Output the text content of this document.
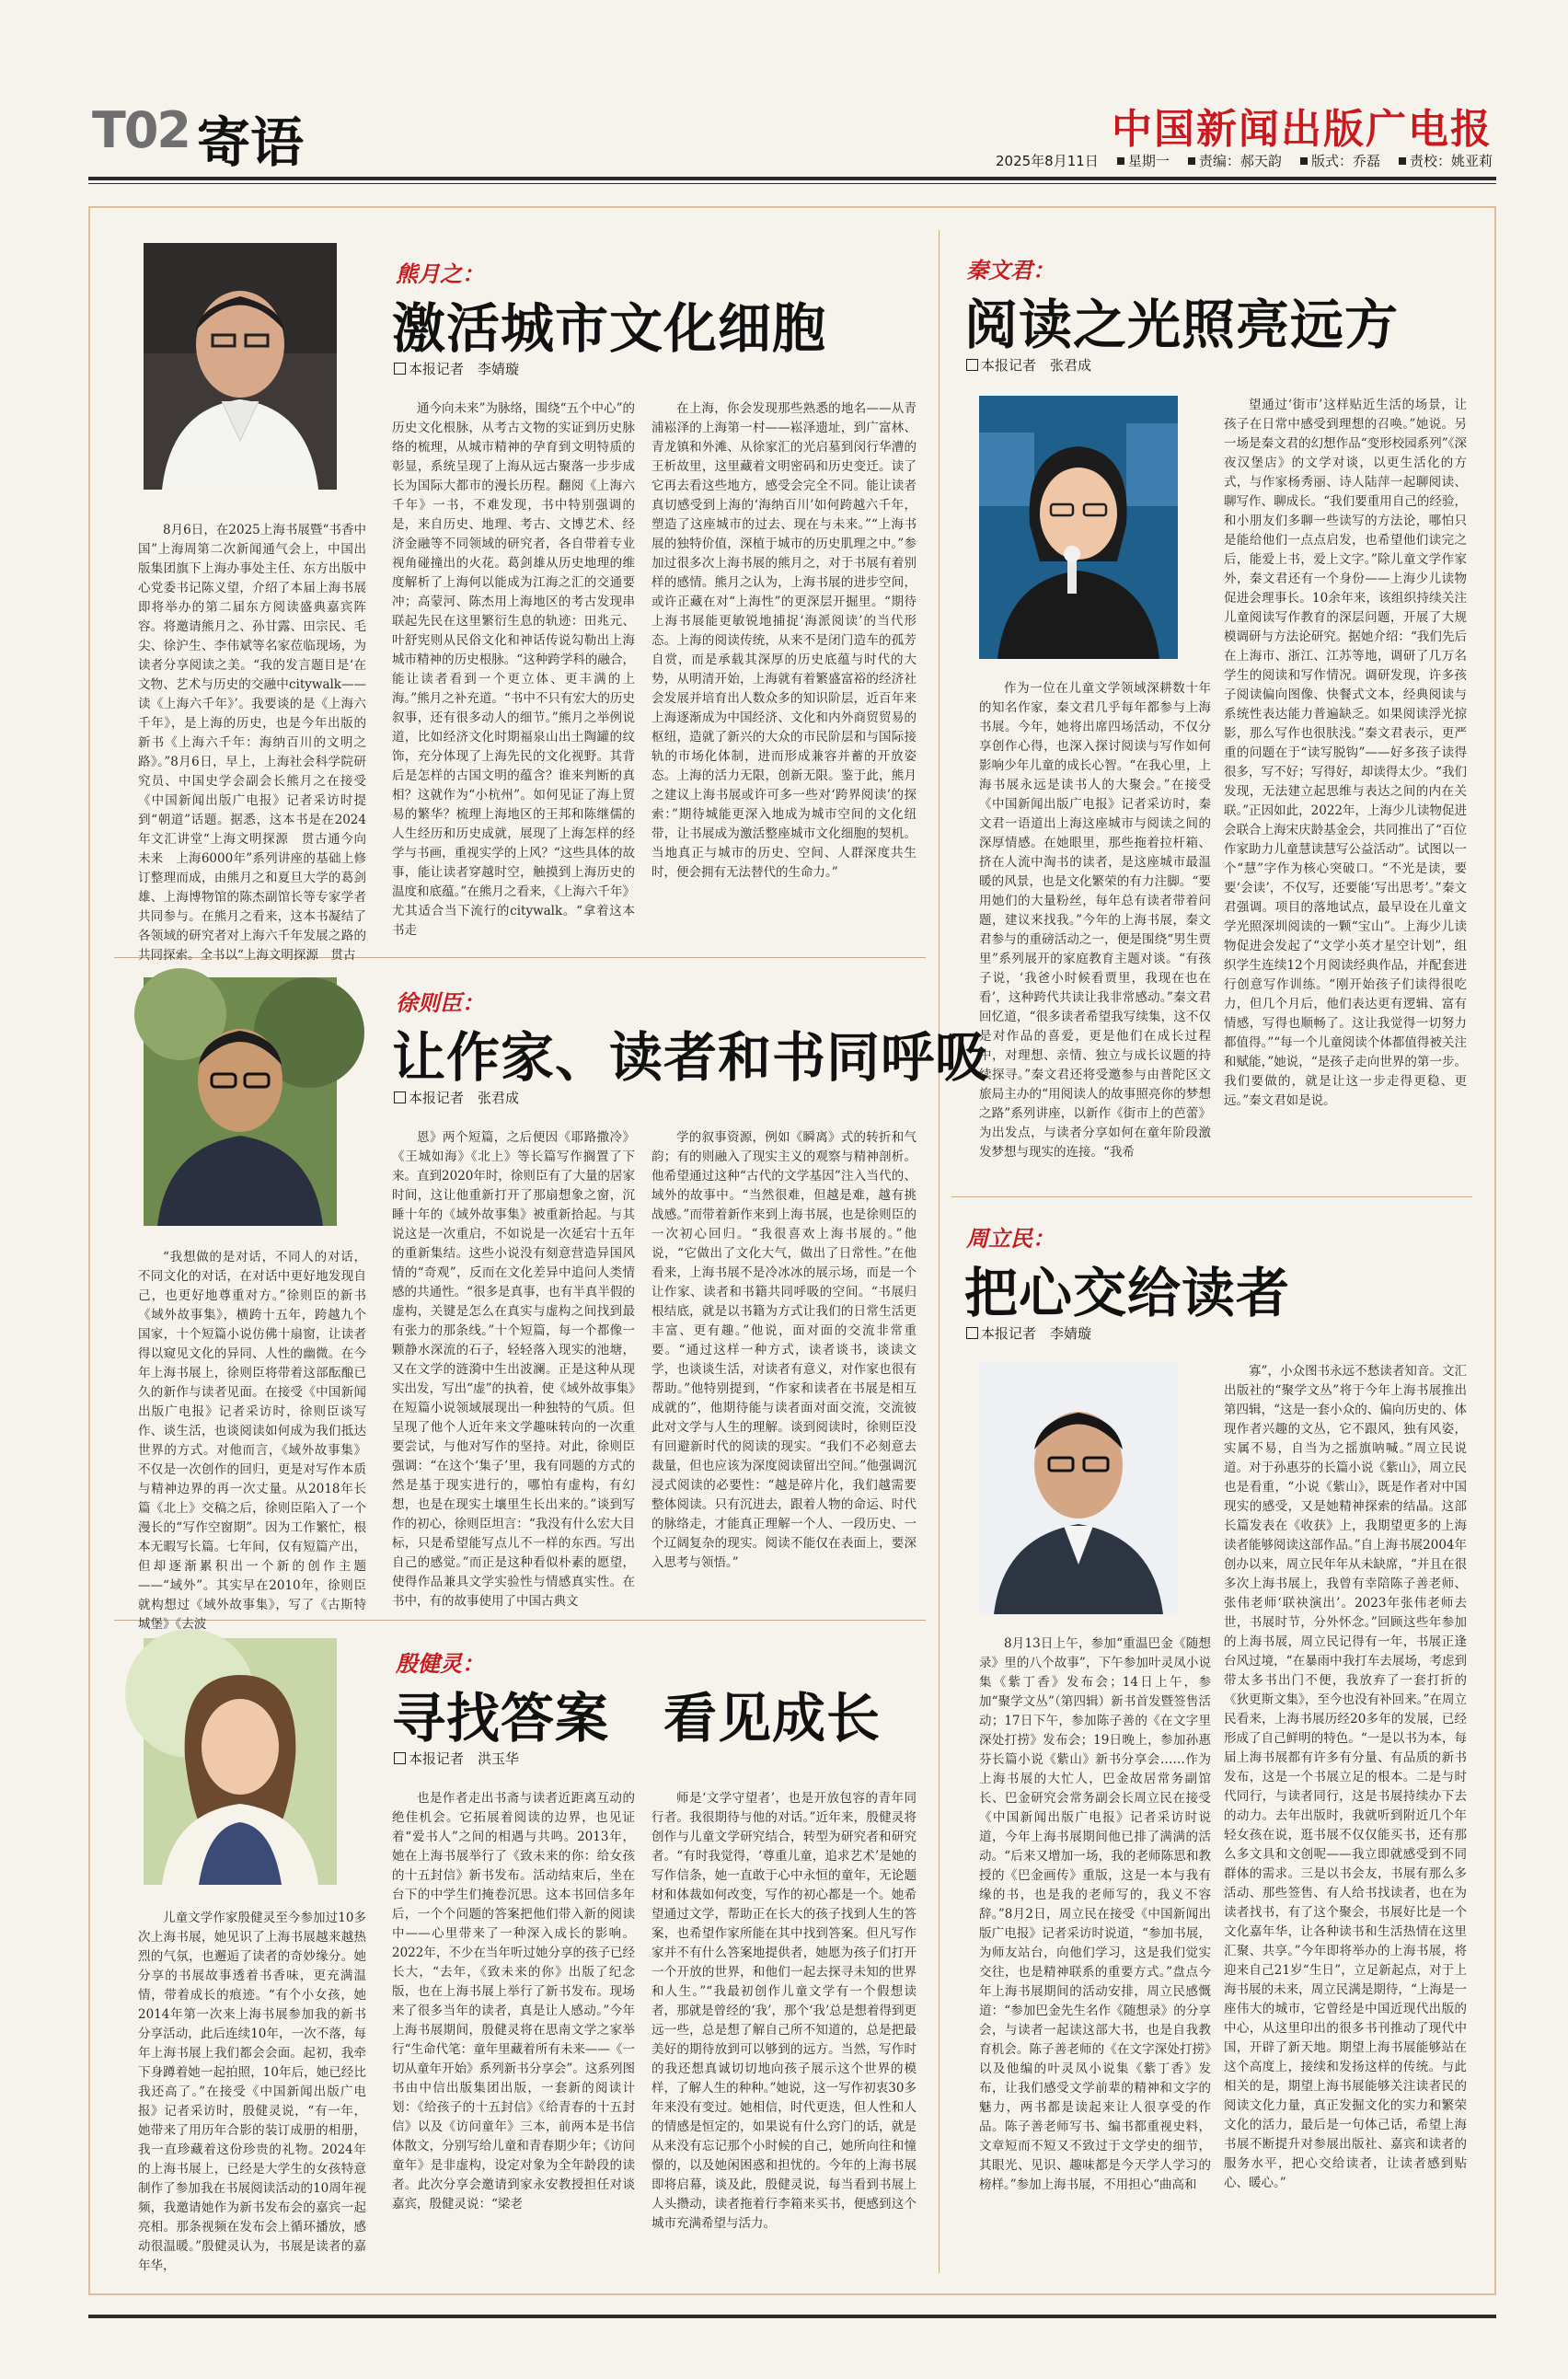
T02 寄语	中国新闻出版广电报
2025年8月11日	星期一	责编：郝天韵	版式：乔磊	责校：姚亚莉
熊月之：
激活城市文化细胞
本报记者　李婧璇

8月6日，在2025上海书展暨“书香中国”上海周第二次新闻通气会上，中国出版集团旗下上海办事处主任、东方出版中心党委书记陈义望，介绍了本届上海书展即将举办的第二届东方阅读盛典嘉宾阵容。将邀请熊月之、孙甘露、田宗民、毛尖、徐沪生、李伟斌等名家莅临现场，为读者分享阅读之美。“我的发言题目是‘在文物、艺术与历史的交融中citywalk——读《上海六千年》’。我要谈的是《上海六千年》，是上海的历史，也是今年出版的新书《上海六千年：海纳百川的文明之路》。”8月6日，早上，上海社会科学院研究员、中国史学会副会长熊月之在接受《中国新闻出版广电报》记者采访时提到“朝道”话题。据悉，这本书是在2024年文汇讲堂“上海文明探源　贯古通今向未来　上海6000年”系列讲座的基础上修订整理而成，由熊月之和夏旦大学的葛剑雄、上海博物馆的陈杰副馆长等专家学者共同参与。在熊月之看来，这本书凝结了各领域的研究者对上海六千年发展之路的共同探索。全书以“上海文明探源　贯古

通今向未来”为脉络，围绕“五个中心”的历史文化根脉，从考古文物的实证到历史脉络的梳理，从城市精神的孕育到文明特质的彰显，系统呈现了上海从远古聚落一步步成长为国际大都市的漫长历程。翻阅《上海六千年》一书，不难发现，书中特别强调的是，来自历史、地理、考古、文博艺术、经济金融等不同领域的研究者，各自带着专业视角碰撞出的火花。葛剑雄从历史地理的维度解析了上海何以能成为江海之汇的交通要冲；高蒙河、陈杰用上海地区的考古发现串联起先民在这里繁衍生息的轨迹：田兆元、叶舒宪则从民俗文化和神话传说勾勒出上海城市精神的历史根脉。“这种跨学科的融合，能让读者看到一个更立体、更丰满的上海。”熊月之补充道。“书中不只有宏大的历史叙事，还有很多动人的细节。”熊月之举例说道，比如经济文化时期福泉山出土陶罐的纹饰，充分体现了上海先民的文化视野。其背后是怎样的古国文明的蕴含？谁来判断的真相？这就作为“小杭州”。如何见证了海上贸易的繁华？梳理上海地区的王邦和陈继儒的人生经历和历史成就，展现了上海怎样的经学与书画，重视实学的上风？“这些具体的故事，能让读者穿越时空，触摸到上海历史的温度和底蕴。”在熊月之看来，《上海六千年》尤其适合当下流行的citywalk。“拿着这本书走

在上海，你会发现那些熟悉的地名——从青浦崧泽的上海第一村——崧泽遗址，到广富林、青龙镇和外滩、从徐家汇的光启墓到闵行华漕的王析故里，这里藏着文明密码和历史变迁。读了它再去看这些地方，感受会完全不同。能让读者真切感受到上海的‘海纳百川’如何跨越六千年，塑造了这座城市的过去、现在与未来。”“上海书展的独特价值，深植于城市的历史肌理之中。”参加过很多次上海书展的熊月之，对于书展有着别样的感情。熊月之认为，上海书展的进步空间，或许正藏在对“上海性”的更深层开掘里。“期待上海书展能更敏锐地捕捉‘海派阅读’的当代形态。上海的阅读传统，从来不是闭门造车的孤芳自赏，而是承载其深厚的历史底蕴与时代的大势，从明清开始，上海就有着繁盛富裕的经济社会发展并培育出人数众多的知识阶层，近百年来上海逐渐成为中国经济、文化和内外商贸贸易的枢纽，造就了新兴的大众的市民阶层和与国际接轨的市场化体制，进而形成兼容并蓄的开放姿态。上海的活力无限，创新无限。鉴于此，熊月之建议上海书展或许可多一些对‘跨界阅读’的探索：”期待城能更深入地成为城市空间的文化纽带，让书展成为激活整座城市文化细胞的契机。当地真正与城市的历史、空间、人群深度共生时，便会拥有无法替代的生命力。”

徐则臣：
让作家、读者和书同呼吸
本报记者　张君成

“我想做的是对话，不同人的对话，不同文化的对话，在对话中更好地发现自己，也更好地尊重对方。”徐则臣的新书《域外故事集》，横跨十五年，跨越九个国家，十个短篇小说仿佛十扇窗，让读者得以窥见文化的异同、人性的幽微。在今年上海书展上，徐则臣将带着这部酝酿已久的新作与读者见面。在接受《中国新闻出版广电报》记者采访时，徐则臣谈写作、谈生活，也谈阅读如何成为我们抵达世界的方式。对他而言，《域外故事集》不仅是一次创作的回归，更是对写作本质与精神边界的再一次丈量。从2018年长篇《北上》交稿之后，徐则臣陷入了一个漫长的“写作空窗期”。因为工作繁忙，根本无暇写长篇。七年间，仅有短篇产出，但却逐渐累积出一个新的创作主题——“域外”。其实早在2010年，徐则臣就构想过《域外故事集》，写了《古斯特城堡》《去波

恩》两个短篇，之后便因《耶路撒冷》《王城如海》《北上》等长篇写作搁置了下来。直到2020年时，徐则臣有了大量的居家时间，这让他重新打开了那扇想象之窗，沉睡十年的《域外故事集》被重新拾起。与其说这是一次重启，不如说是一次延宕十五年的重新集结。这些小说没有刻意营造异国风情的“奇观”，反而在文化差异中追问人类情感的共通性。“很多是真事，也有半真半假的虚构，关键是怎么在真实与虚构之间找到最有张力的那条线。”十个短篇，每一个都像一颗静水深流的石子，轻轻落入现实的池塘，又在文学的涟漪中生出波澜。正是这种从现实出发，写出“虚”的执着，使《域外故事集》在短篇小说领域展现出一种独特的气质。但呈现了他个人近年来文学趣味转向的一次重要尝试，与他对写作的坚持。对此，徐则臣强调：“在这个‘集子’里，我有同题的方式的然是基于现实进行的，哪怕有虚构，有幻想，也是在现实土壤里生长出来的。”谈到写作的初心，徐则臣坦言：“我没有什么宏大目标，只是希望能写点儿不一样的东西。写出自己的感觉。”而正是这种看似朴素的愿望，使得作品兼具文学实验性与情感真实性。在书中，有的故事使用了中国古典文

学的叙事资源，例如《瞬离》式的转折和气韵；有的则融入了现实主义的观察与精神剖析。他希望通过这种“古代的文学基因”注入当代的、域外的故事中。“当然很难，但越是难，越有挑战感。”而带着新作来到上海书展，也是徐则臣的一次初心回归。“我很喜欢上海书展的。”他说，“它做出了文化大气，做出了日常性。”在他看来，上海书展不是冷冰冰的展示场，而是一个让作家、读者和书籍共同呼吸的空间。“书展归根结底，就是以书籍为方式让我们的日常生活更丰富、更有趣。”他说，面对面的交流非常重要。“通过这样一种方式，读者谈书，谈读文学，也谈谈生活，对读者有意义，对作家也很有帮助。”他特别提到，“作家和读者在书展是相互成就的”，他期待能与读者面对面交流，交流彼此对文学与人生的理解。谈到阅读时，徐则臣没有回避新时代的阅读的现实。“我们不必刻意去裁量，但也应该为深度阅读留出空间。”他强调沉浸式阅读的必要性：“越是碎片化，我们越需要整体阅读。只有沉进去，跟着人物的命运、时代的脉络走，才能真正理解一个人、一段历史、一个辽阔复杂的现实。阅读不能仅在表面上，要深入思考与领悟。”

殷健灵：
寻找答案　看见成长
本报记者　洪玉华

儿童文学作家殷健灵至今参加过10多次上海书展，她见识了上海书展越来越热烈的气氛，也邂逅了读者的奇妙缘分。她分享的书展故事透着书香味，更充满温情，带着成长的痕迹。“有个小女孩，她2014年第一次来上海书展参加我的新书分享活动，此后连续10年，一次不落，每年上海书展上我们都会会面。起初，我牵下身蹲着她一起拍照，10年后，她已经比我还高了。”在接受《中国新闻出版广电报》记者采访时，殷健灵说，“有一年，她带来了用历年合影的装订成册的相册，我一直珍藏着这份珍贵的礼物。2024年的上海书展上，已经是大学生的女孩特意制作了参加我在书展阅读活动的10周年视频，我邀请她作为新书发布会的嘉宾一起亮相。那条视频在发布会上循环播放，感动很温暖。”殷健灵认为，书展是读者的嘉年华，

也是作者走出书斋与读者近距离互动的绝佳机会。它拓展着阅读的边界，也见证着“爱书人”之间的相遇与共鸣。2013年，她在上海书展举行了《致未来的你：给女孩的十五封信》新书发布。活动结束后，坐在台下的中学生们掩卷沉思。这本书回信多年后，一个个问题的答案把他们带入新的阅读中——心里带来了一种深入成长的影响。2022年，不少在当年听过她分享的孩子已经长大，“去年，《致未来的你》出版了纪念版，也在上海书展上举行了新书发布。现场来了很多当年的读者，真是让人感动。”今年上海书展期间，殷健灵将在思南文学之家举行“生命代笔：童年里藏着所有未来——《一切从童年开始》系列新书分享会”。这系列图书由中信出版集团出版，一套新的阅读计划：《给孩子的十五封信》《给青春的十五封信》以及《访问童年》三本，前两本是书信体散文，分别写给儿童和青春期少年；《访问童年》是非虚构，设定对象为全年龄段的读者。此次分享会邀请到家永安教授担任对谈嘉宾，殷健灵说：“梁老

师是‘文学守望者’，也是开放包容的青年同行者。我很期待与他的对话。”近年来，殷健灵将创作与儿童文学研究结合，转型为研究者和研究者。“有时我觉得，‘尊重儿童，追求艺术’是她的写作信条，她一直敢于心中永恒的童年，无论题材和体裁如何改变，写作的初心都是一个。她希望通过文学，帮助正在长大的孩子找到人生的答案，也希望作家所能在其中找到答案。但凡写作家并不有什么答案地提供者，她愿为孩子们打开一个开放的世界，和他们一起去探寻未知的世界和人生。”“我最初创作儿童文学有一个假想读者，那就是曾经的‘我’，那个‘我’总是想着得到更远一些，总是想了解自己所不知道的，总是把最美好的期待放到可以够到的远方。当然，写作时的我还想真诚切切地向孩子展示这个世界的模样，了解人生的种种。”她说，这一写作初衷30多年来没有变过。她相信，时代更迭，但人性和人的情感是恒定的，如果说有什么窍门的话，就是从来没有忘记那个小时候的自己，她所向往和憧憬的，以及她闲困惑和担忧的。今年的上海书展即将启幕，谈及此，殷健灵说，每当看到书展上人头攒动，读者拖着行李箱来买书，便感到这个城市充满希望与活力。

秦文君：
阅读之光照亮远方
本报记者　张君成

作为一位在儿童文学领域深耕数十年的知名作家，秦文君几乎每年都参与上海书展。今年，她将出席四场活动，不仅分享创作心得，也深入探讨阅读与写作如何影响少年儿童的成长心智。“在我心里，上海书展永远是读书人的大聚会。”在接受《中国新闻出版广电报》记者采访时，秦文君一语道出上海这座城市与阅读之间的深厚情感。在她眼里，那些拖着拉杆箱、挤在人流中淘书的读者，是这座城市最温暖的风景，也是文化繁荣的有力注脚。“要用她们的大量粉丝，每年总有读者带着问题，建议来找我。”今年的上海书展，秦文君参与的重磅活动之一，便是围绕“男生贾里”系列展开的家庭教育主题对谈。“有孩子说，‘我爸小时候看贾里，我现在也在看’，这种跨代共读让我非常感动。”秦文君回忆道，“很多读者希望我写续集，这不仅是对作品的喜爱，更是他们在成长过程中，对理想、亲情、独立与成长议题的持续探寻。”秦文君还将受邀参与由普陀区文旅局主办的“用阅读人的故事照亮你的梦想之路”系列讲座，以新作《街市上的芭蕾》为出发点，与读者分享如何在童年阶段激发梦想与现实的连接。“我希

望通过‘街市’这样贴近生活的场景，让孩子在日常中感受到理想的召唤。”她说。另一场是秦文君的幻想作品“变形校园系列”《深夜汉堡店》的文学对谈，以更生活化的方式，与作家杨秀丽、诗人陆萍一起聊阅读、聊写作、聊成长。“我们要重用自己的经验，和小朋友们多聊一些读写的方法论，哪怕只是能给他们一点点启发，也希望他们读完之后，能爱上书，爱上文字。”除儿童文学作家外，秦文君还有一个身份——上海少儿读物促进会理事长。10余年来，该组织持续关注儿童阅读写作教育的深层问题，开展了大规模调研与方法论研究。据她介绍：“我们先后在上海市、浙江、江苏等地，调研了几万名学生的阅读和写作情况。调研发现，许多孩子阅读偏向图像、快餐式文本，经典阅读与系统性表达能力普遍缺乏。如果阅读浮光掠影，那么写作也很肤浅。”秦文君表示，更严重的问题在于“读写脱钩”——好多孩子读得很多，写不好；写得好，却读得太少。“我们发现，无法建立起思维与表达之间的内在关联。”正因如此，2022年，上海少儿读物促进会联合上海宋庆龄基金会，共同推出了“百位作家助力儿童慧读慧写公益活动”。试图以一个“慧”字作为核心突破口。“不光是读，要要‘会读’，不仅写，还要能‘写出思考’。”秦文君强调。项目的落地试点，最早设在儿童文学光照深圳阅读的一颗“宝山”。上海少儿读物促进会发起了“文学小英才星空计划”，组织学生连续12个月阅读经典作品，并配套进行创意写作训练。“刚开始孩子们读得很吃力，但几个月后，他们表达更有逻辑、富有情感，写得也顺畅了。这让我觉得一切努力都值得。”“每一个儿童阅读个体都值得被关注和赋能，”她说，“是孩子走向世界的第一步。我们要做的，就是让这一步走得更稳、更远。”秦文君如是说。

周立民：
把心交给读者
本报记者　李婧璇

8月13日上午，参加“重温巴金《随想录》里的八个故事”，下午参加叶灵凤小说集《紫丁香》发布会；14日上午，参加“聚学文丛”（第四辑）新书首发暨签售活动；17日下午，参加陈子善的《在文字里深处打捞》发布会；19日晚上，参加孙惠芬长篇小说《紫山》新书分享会……作为上海书展的大忙人，巴金故居常务副馆长、巴金研究会常务副会长周立民在接受《中国新闻出版广电报》记者采访时说道，今年上海书展期间他已排了满满的活动。“后来又增加一场，我的老师陈思和教授的《巴金画传》重版，这是一本与我有缘的书，也是我的老师写的，我义不容辞。”8月2日，周立民在接受《中国新闻出版广电报》记者采访时说道，“参加书展，为师友站台，向他们学习，这是我们觉实交往，也是精神联系的重要方式。”盘点今年上海书展期间的活动安排，周立民感慨道：“参加巴金先生名作《随想录》的分享会，与读者一起读这部大书，也是自我教育机会。陈子善老师的《在文字深处打捞》以及他编的叶灵凤小说集《紫丁香》发布，让我们感受文学前辈的精神和文字的魅力，两书都是读起来让人很享受的作品。陈子善老师写书、编书都重视史料，文章短而不短又不致过于文学史的细节，其眼光、见识、趣味都是今天学人学习的榜样。”参加上海书展，不用担心“曲高和

寡”，小众图书永远不愁读者知音。文汇出版社的“聚学文丛”将于今年上海书展推出第四辑，“这是一套小众的、偏向历史的、体现作者兴趣的文丛，它不跟风，独有风姿，实属不易，自当为之摇旗呐喊。”周立民说道。对于孙惠芬的长篇小说《紫山》，周立民也是看重，“小说《紫山》，既是作者对中国现实的感受，又是她精神探索的结晶。这部长篇发表在《收获》上，我期望更多的上海读者能够阅读这部作品。”自上海书展2004年创办以来，周立民年年从未缺席，“并且在很多次上海书展上，我曾有幸陪陈子善老师、张伟老师‘联袂演出’。2023年张伟老师去世，书展时节，分外怀念。”回顾这些年参加的上海书展，周立民记得有一年，书展正逢台风过境，“在暴雨中我打车去展场，考虑到带太多书出门不便，我放弃了一套打折的《狄更斯文集》，至今也没有补回来。”在周立民看来，上海书展历经20多年的发展，已经形成了自己鲜明的特色。“一是以书为本，每届上海书展都有许多有分量、有品质的新书发布，这是一个书展立足的根本。二是与时代同行，与读者同行，这是书展持续办下去的动力。去年出版时，我就听到附近几个年轻女孩在说，逛书展不仅仅能买书，还有那么多文具和文创呢——我立即就感受到不同群体的需求。三是以书会友，书展有那么多活动、那些签售、有人给书找读者，也在为读者找书，有了这个聚会，书展好比是一个文化嘉年华，让各种读书和生活热情在这里汇聚、共享。”今年即将举办的上海书展，将迎来自己21岁“生日”，立足新起点，对于上海书展的未来，周立民满是期待，“上海是一座伟大的城市，它曾经是中国近现代出版的中心，从这里印出的很多书刊推动了现代中国，开辟了新天地。期望上海书展能够站在这个高度上，接续和发扬这样的传统。与此相关的是，期望上海书展能够关注读者民的阅读文化力量，真正发掘文化的实力和繁荣文化的活力，最后是一句体己话，希望上海书展不断提升对参展出版社、嘉宾和读者的服务水平，把心交给读者，让读者感到贴心、暖心。”
